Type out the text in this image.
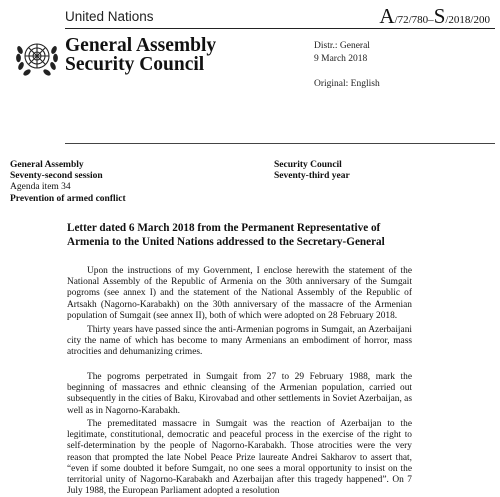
United Nations	A/72/780–S/2018/200
General Assembly
Security Council
Distr.: General
9 March 2018

Original: English
General Assembly
Seventy-second session
Agenda item 34
Prevention of armed conflict
Security Council
Seventy-third year
Letter dated 6 March 2018 from the Permanent Representative of Armenia to the United Nations addressed to the Secretary-General
Upon the instructions of my Government, I enclose herewith the statement of the National Assembly of the Republic of Armenia on the 30th anniversary of the Sumgait pogroms (see annex I) and the statement of the National Assembly of the Republic of Artsakh (Nagorno-Karabakh) on the 30th anniversary of the massacre of the Armenian population of Sumgait (see annex II), both of which were adopted on 28 February 2018.
Thirty years have passed since the anti-Armenian pogroms in Sumgait, an Azerbaijani city the name of which has become to many Armenians an embodiment of horror, mass atrocities and dehumanizing crimes.
The pogroms perpetrated in Sumgait from 27 to 29 February 1988, mark the beginning of massacres and ethnic cleansing of the Armenian population, carried out subsequently in the cities of Baku, Kirovabad and other settlements in Soviet Azerbaijan, as well as in Nagorno-Karabakh.
The premeditated massacre in Sumgait was the reaction of Azerbaijan to the legitimate, constitutional, democratic and peaceful process in the exercise of the right to self-determination by the people of Nagorno-Karabakh. Those atrocities were the very reason that prompted the late Nobel Peace Prize laureate Andrei Sakharov to assert that, “even if some doubted it before Sumgait, no one sees a moral opportunity to insist on the territorial unity of Nagorno-Karabakh and Azerbaijan after this tragedy happened”. On 7 July 1988, the European Parliament adopted a resolution
